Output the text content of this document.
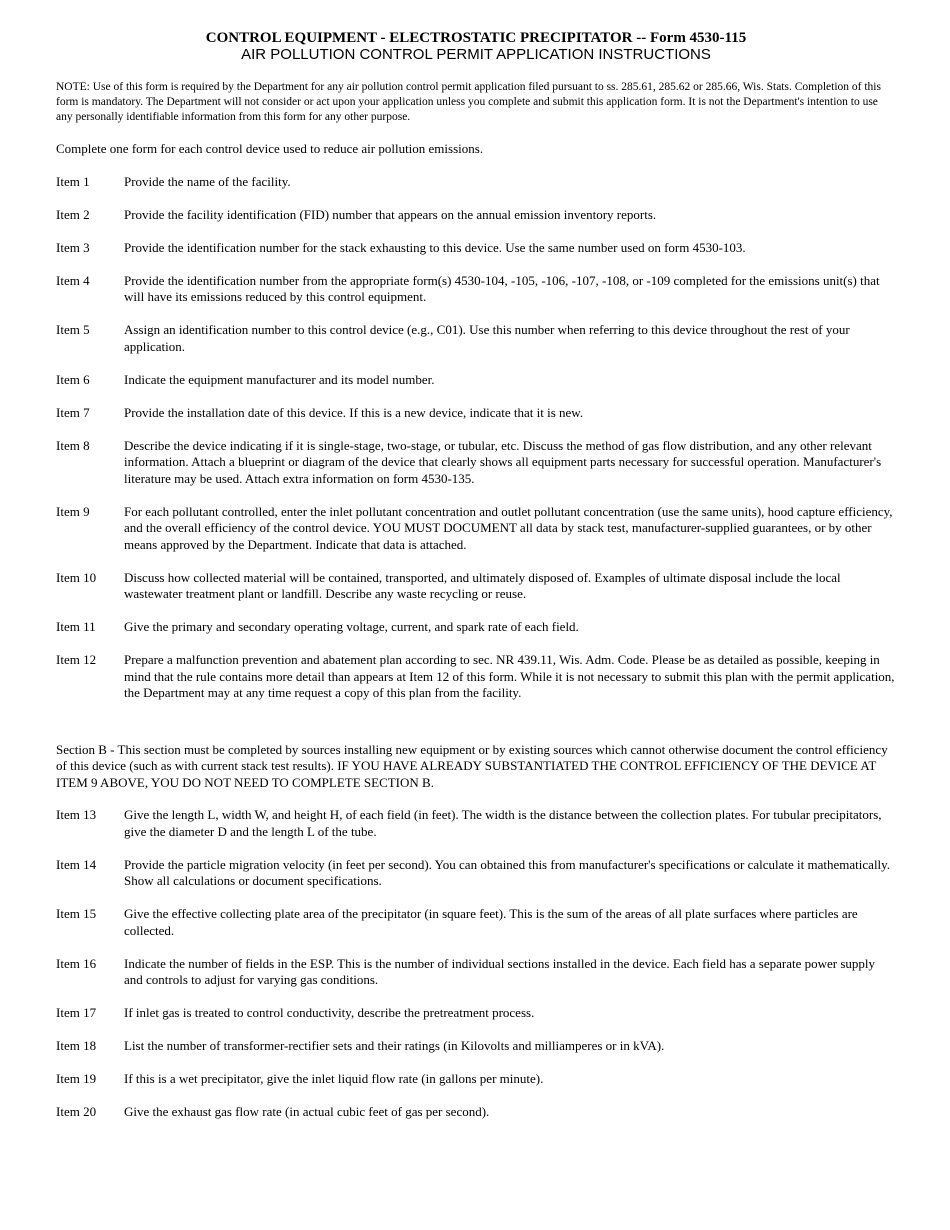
CONTROL EQUIPMENT - ELECTROSTATIC PRECIPITATOR -- Form 4530-115
AIR POLLUTION CONTROL PERMIT APPLICATION INSTRUCTIONS
NOTE: Use of this form is required by the Department for any air pollution control permit application filed pursuant to ss. 285.61, 285.62 or 285.66, Wis. Stats. Completion of this form is mandatory. The Department will not consider or act upon your application unless you complete and submit this application form. It is not the Department's intention to use any personally identifiable information from this form for any other purpose.
Complete one form for each control device used to reduce air pollution emissions.
Item 1	Provide the name of the facility.
Item 2	Provide the facility identification (FID) number that appears on the annual emission inventory reports.
Item 3	Provide the identification number for the stack exhausting to this device. Use the same number used on form 4530-103.
Item 4	Provide the identification number from the appropriate form(s) 4530-104, -105, -106, -107, -108, or -109 completed for the emissions unit(s) that will have its emissions reduced by this control equipment.
Item 5	Assign an identification number to this control device (e.g., C01). Use this number when referring to this device throughout the rest of your application.
Item 6	Indicate the equipment manufacturer and its model number.
Item 7	Provide the installation date of this device. If this is a new device, indicate that it is new.
Item 8	Describe the device indicating if it is single-stage, two-stage, or tubular, etc. Discuss the method of gas flow distribution, and any other relevant information. Attach a blueprint or diagram of the device that clearly shows all equipment parts necessary for successful operation. Manufacturer's literature may be used. Attach extra information on form 4530-135.
Item 9	For each pollutant controlled, enter the inlet pollutant concentration and outlet pollutant concentration (use the same units), hood capture efficiency, and the overall efficiency of the control device. YOU MUST DOCUMENT all data by stack test, manufacturer-supplied guarantees, or by other means approved by the Department. Indicate that data is attached.
Item 10	Discuss how collected material will be contained, transported, and ultimately disposed of. Examples of ultimate disposal include the local wastewater treatment plant or landfill. Describe any waste recycling or reuse.
Item 11	Give the primary and secondary operating voltage, current, and spark rate of each field.
Item 12	Prepare a malfunction prevention and abatement plan according to sec. NR 439.11, Wis. Adm. Code. Please be as detailed as possible, keeping in mind that the rule contains more detail than appears at Item 12 of this form. While it is not necessary to submit this plan with the permit application, the Department may at any time request a copy of this plan from the facility.
Section B - This section must be completed by sources installing new equipment or by existing sources which cannot otherwise document the control efficiency of this device (such as with current stack test results). IF YOU HAVE ALREADY SUBSTANTIATED THE CONTROL EFFICIENCY OF THE DEVICE AT ITEM 9 ABOVE, YOU DO NOT NEED TO COMPLETE SECTION B.
Item 13	Give the length L, width W, and height H, of each field (in feet). The width is the distance between the collection plates. For tubular precipitators, give the diameter D and the length L of the tube.
Item 14	Provide the particle migration velocity (in feet per second). You can obtained this from manufacturer's specifications or calculate it mathematically. Show all calculations or document specifications.
Item 15	Give the effective collecting plate area of the precipitator (in square feet). This is the sum of the areas of all plate surfaces where particles are collected.
Item 16	Indicate the number of fields in the ESP. This is the number of individual sections installed in the device. Each field has a separate power supply and controls to adjust for varying gas conditions.
Item 17	If inlet gas is treated to control conductivity, describe the pretreatment process.
Item 18	List the number of transformer-rectifier sets and their ratings (in Kilovolts and milliamperes or in kVA).
Item 19	If this is a wet precipitator, give the inlet liquid flow rate (in gallons per minute).
Item 20	Give the exhaust gas flow rate (in actual cubic feet of gas per second).
